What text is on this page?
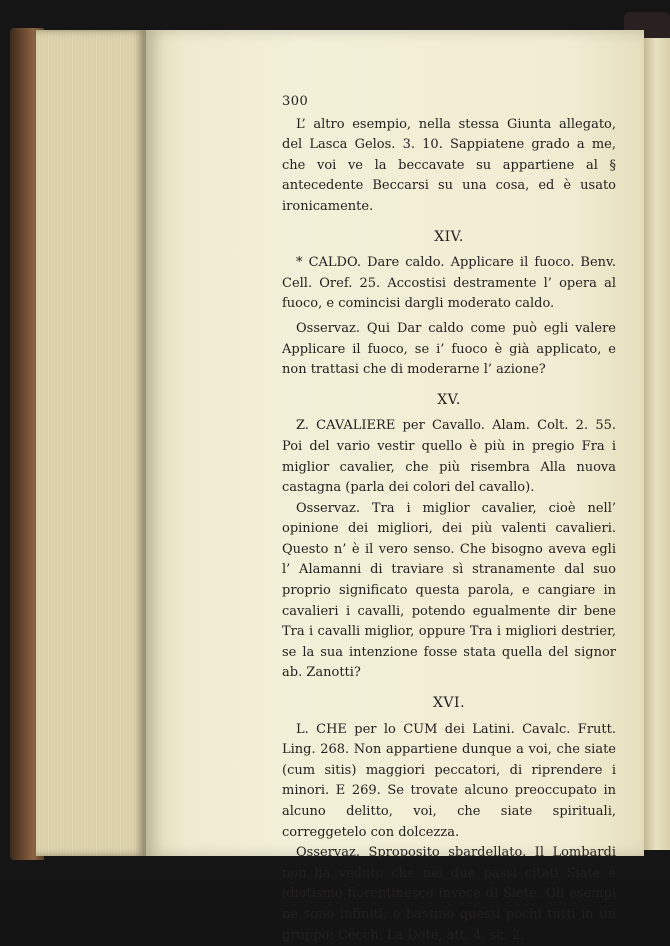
300

L’ altro esempio, nella stessa Giunta allegato, del Lasca Gelos. 3. 10. Sappiatene grado a me, che voi ve la beccavate su appartiene al § antecedente Beccarsi su una cosa, ed è usato ironicamente.

XIV.

* CALDO. Dare caldo. Applicare il fuoco. Benv. Cell. Oref. 25. Accostisi destramente l’ opera al fuoco, e comincisi dargli moderato caldo.

Osservaz. Qui Dar caldo come può egli valere Applicare il fuoco, se i’ fuoco è già applicato, e non trattasi che di moderarne l’ azione?

XV.

Z. CAVALIERE per Cavallo. Alam. Colt. 2. 55. Poi del vario vestir quello è più in pregio Fra i miglior cavalier, che più risembra Alla nuova castagna (parla dei colori del cavallo).

Osservaz. Tra i miglior cavalier, cioè nell’ opinione dei migliori, dei più valenti cavalieri. Questo n’ è il vero senso. Che bisogno aveva egli l’ Alamanni di traviare sì stranamente dal suo proprio significato questa parola, e cangiare in cavalieri i cavalli, potendo egualmente dir bene Tra i cavalli miglior, oppure Tra i migliori destrier, se la sua intenzione fosse stata quella del signor ab. Zanotti?

XVI.

L. CHE per lo CUM dei Latini. Cavalc. Frutt. Ling. 268. Non appartiene dunque a voi, che siate (cum sitis) maggiori peccatori, di riprendere i minori. E 269. Se trovate alcuno preoccupato in alcuno delitto, voi, che siate spirituali, correggetelo con dolcezza.

Osservaz. Sproposito sbardellato. Il Lombardi non ha veduto che nei due passi citati Siate è idiotismo fiorentinesco invece di Siete. Gli esempi ne sono infiniti, e bastino questi pochi tutti in un gruppo: Cecch. La Dote, att. 4. sc. 2.
